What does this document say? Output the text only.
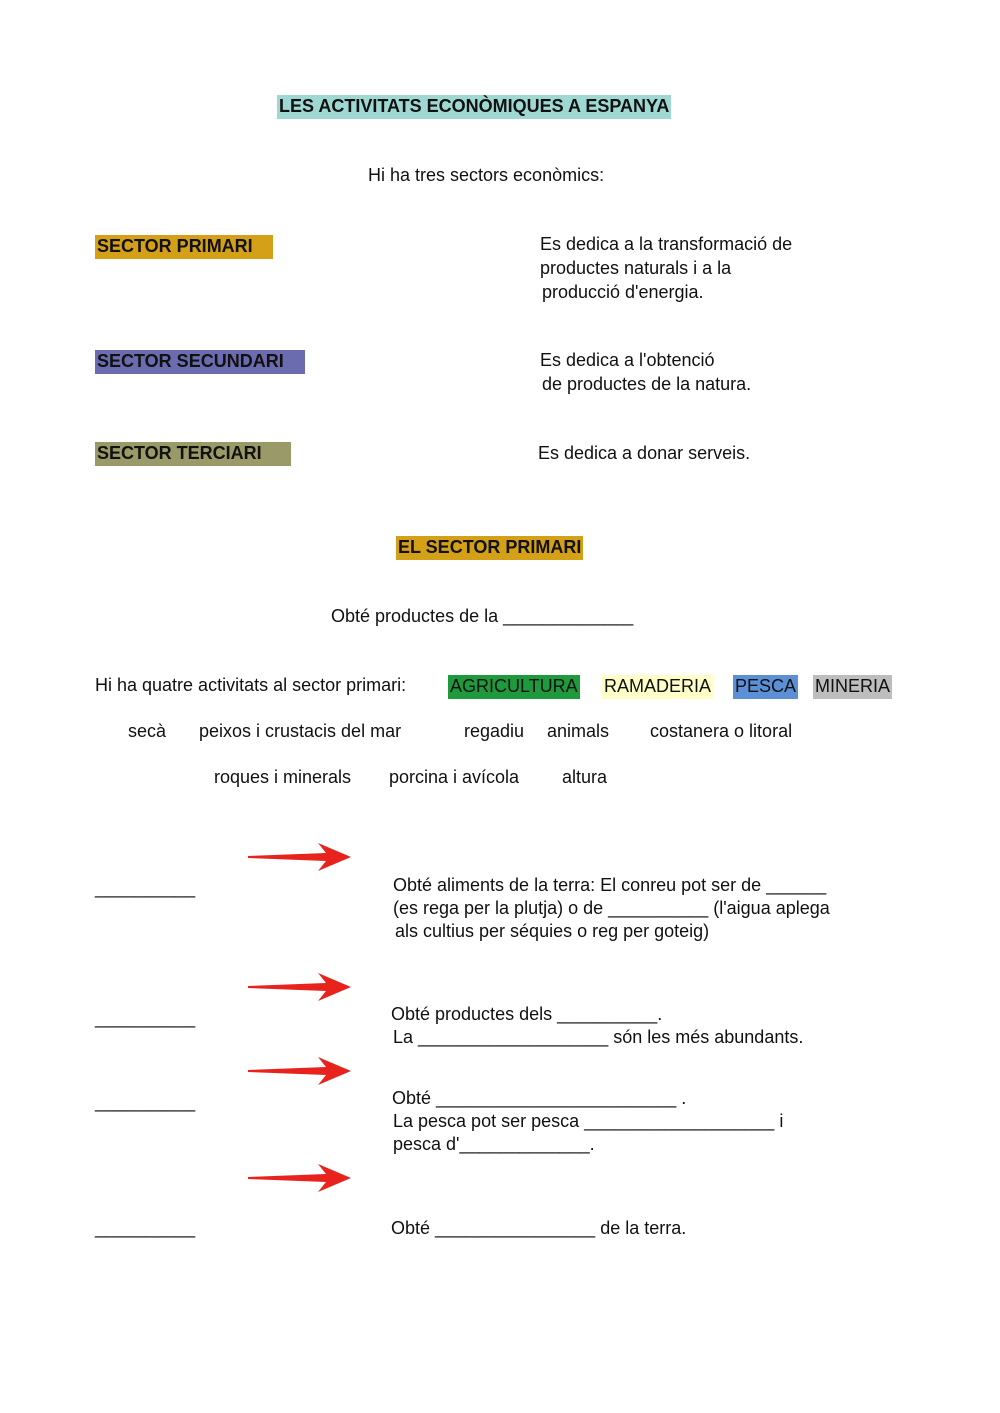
LES ACTIVITATS ECONÒMIQUES A ESPANYA
Hi ha tres sectors econòmics:
SECTOR PRIMARI
SECTOR SECUNDARI
SECTOR TERCIARI
Es dedica a la transformació de
productes naturals i a la
producció d'energia.
Es dedica a l'obtenció
de productes de la natura.
Es dedica a donar serveis.
EL SECTOR PRIMARI
Obté productes de la _____________
Hi ha quatre activitats al sector primari: AGRICULTURA RAMADERIA PESCA MINERIA
secà peixos i crustacis del mar	regadiu animals costanera o litoral
roques i minerals porcina i avícola altura
__________
__________
__________
__________
Obté aliments de la terra: El conreu pot ser de ______
(es rega per la plutja) o de __________ (l'aigua aplega
als cultius per séquies o reg per goteig)
Obté productes dels __________.
La ___________________ són les més abundants.
Obté ________________________ .
La pesca pot ser pesca ___________________ i
pesca d'_____________.
Obté ________________ de la terra.
